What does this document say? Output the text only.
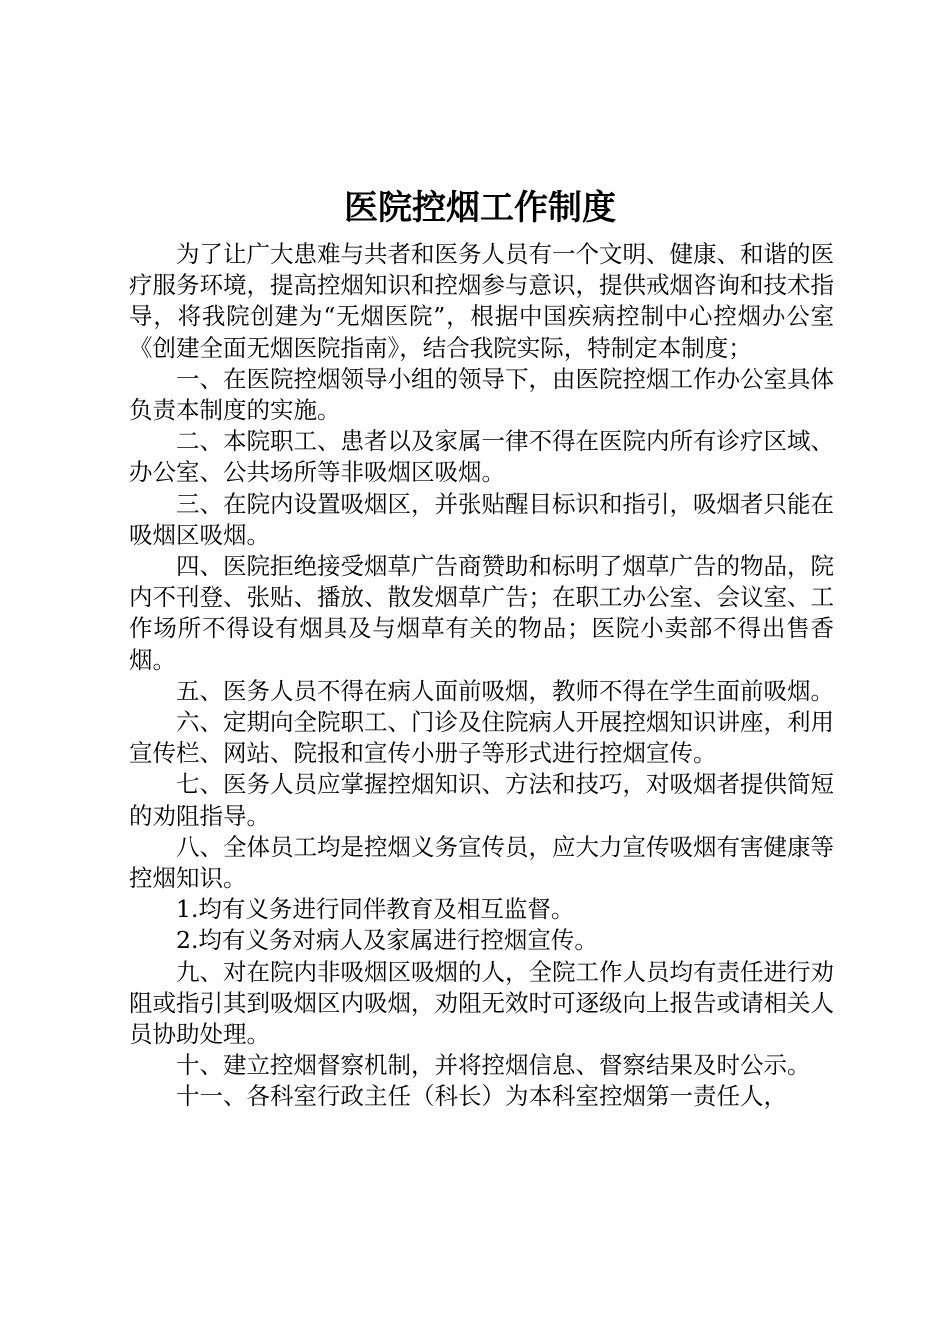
医院控烟工作制度

为了让广大患难与共者和医务人员有一个文明、健康、和谐的医疗服务环境，提高控烟知识和控烟参与意识，提供戒烟咨询和技术指导，将我院创建为“无烟医院”，根据中国疾病控制中心控烟办公室《创建全面无烟医院指南》，结合我院实际，特制定本制度；

一、在医院控烟领导小组的领导下，由医院控烟工作办公室具体负责本制度的实施。

二、本院职工、患者以及家属一律不得在医院内所有诊疗区域、办公室、公共场所等非吸烟区吸烟。

三、在院内设置吸烟区，并张贴醒目标识和指引，吸烟者只能在吸烟区吸烟。

四、医院拒绝接受烟草广告商赞助和标明了烟草广告的物品，院内不刊登、张贴、播放、散发烟草广告；在职工办公室、会议室、工作场所不得设有烟具及与烟草有关的物品；医院小卖部不得出售香烟。

五、医务人员不得在病人面前吸烟，教师不得在学生面前吸烟。

六、定期向全院职工、门诊及住院病人开展控烟知识讲座，利用宣传栏、网站、院报和宣传小册子等形式进行控烟宣传。

七、医务人员应掌握控烟知识、方法和技巧，对吸烟者提供简短的劝阻指导。

八、全体员工均是控烟义务宣传员，应大力宣传吸烟有害健康等控烟知识。

1.均有义务进行同伴教育及相互监督。

2.均有义务对病人及家属进行控烟宣传。

九、对在院内非吸烟区吸烟的人，全院工作人员均有责任进行劝阻或指引其到吸烟区内吸烟，劝阻无效时可逐级向上报告或请相关人员协助处理。

十、建立控烟督察机制，并将控烟信息、督察结果及时公示。

十一、各科室行政主任（科长）为本科室控烟第一责任人，
